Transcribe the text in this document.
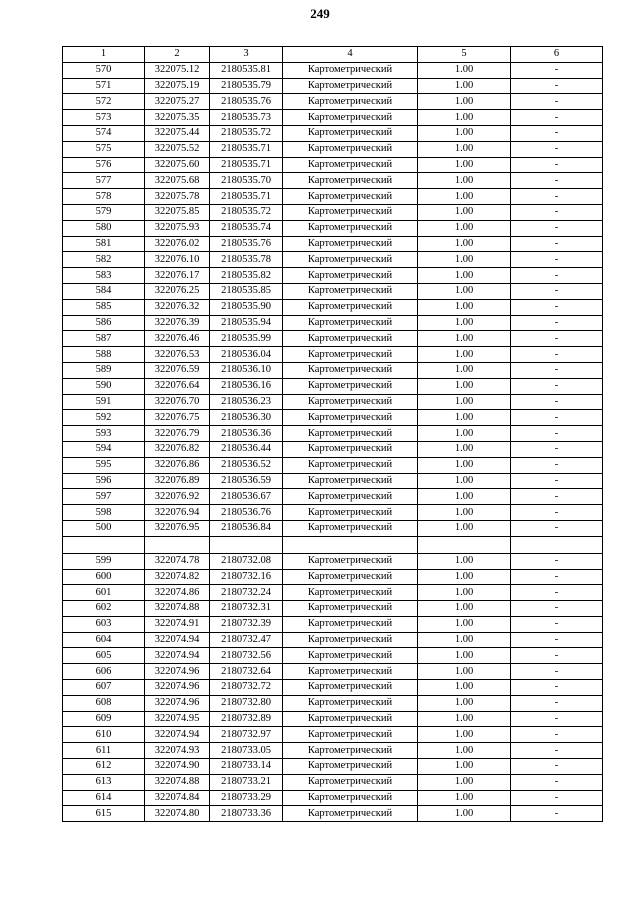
249
1	2	3	4	5	6
570	322075.12	2180535.81	Картометрический	1.00	-
571	322075.19	2180535.79	Картометрический	1.00	-
572	322075.27	2180535.76	Картометрический	1.00	-
573	322075.35	2180535.73	Картометрический	1.00	-
574	322075.44	2180535.72	Картометрический	1.00	-
575	322075.52	2180535.71	Картометрический	1.00	-
576	322075.60	2180535.71	Картометрический	1.00	-
577	322075.68	2180535.70	Картометрический	1.00	-
578	322075.78	2180535.71	Картометрический	1.00	-
579	322075.85	2180535.72	Картометрический	1.00	-
580	322075.93	2180535.74	Картометрический	1.00	-
581	322076.02	2180535.76	Картометрический	1.00	-
582	322076.10	2180535.78	Картометрический	1.00	-
583	322076.17	2180535.82	Картометрический	1.00	-
584	322076.25	2180535.85	Картометрический	1.00	-
585	322076.32	2180535.90	Картометрический	1.00	-
586	322076.39	2180535.94	Картометрический	1.00	-
587	322076.46	2180535.99	Картометрический	1.00	-
588	322076.53	2180536.04	Картометрический	1.00	-
589	322076.59	2180536.10	Картометрический	1.00	-
590	322076.64	2180536.16	Картометрический	1.00	-
591	322076.70	2180536.23	Картометрический	1.00	-
592	322076.75	2180536.30	Картометрический	1.00	-
593	322076.79	2180536.36	Картометрический	1.00	-
594	322076.82	2180536.44	Картометрический	1.00	-
595	322076.86	2180536.52	Картометрический	1.00	-
596	322076.89	2180536.59	Картометрический	1.00	-
597	322076.92	2180536.67	Картометрический	1.00	-
598	322076.94	2180536.76	Картометрический	1.00	-
500	322076.95	2180536.84	Картометрический	1.00	-

599	322074.78	2180732.08	Картометрический	1.00	-
600	322074.82	2180732.16	Картометрический	1.00	-
601	322074.86	2180732.24	Картометрический	1.00	-
602	322074.88	2180732.31	Картометрический	1.00	-
603	322074.91	2180732.39	Картометрический	1.00	-
604	322074.94	2180732.47	Картометрический	1.00	-
605	322074.94	2180732.56	Картометрический	1.00	-
606	322074.96	2180732.64	Картометрический	1.00	-
607	322074.96	2180732.72	Картометрический	1.00	-
608	322074.96	2180732.80	Картометрический	1.00	-
609	322074.95	2180732.89	Картометрический	1.00	-
610	322074.94	2180732.97	Картометрический	1.00	-
611	322074.93	2180733.05	Картометрический	1.00	-
612	322074.90	2180733.14	Картометрический	1.00	-
613	322074.88	2180733.21	Картометрический	1.00	-
614	322074.84	2180733.29	Картометрический	1.00	-
615	322074.80	2180733.36	Картометрический	1.00	-
